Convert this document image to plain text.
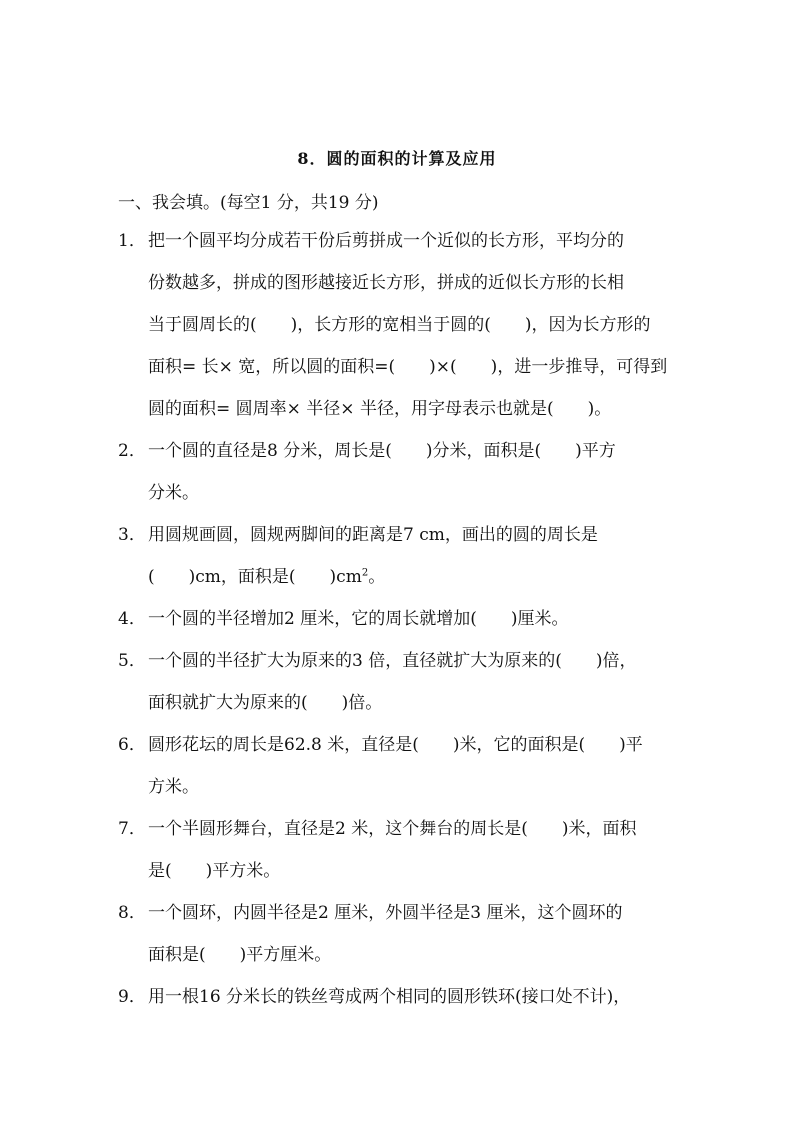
8．圆的面积的计算及应用
一、我会填。(每空1 分，共19 分)
1． 把一个圆平均分成若干份后剪拼成一个近似的长方形，平均分的
份数越多，拼成的图形越接近长方形，拼成的近似长方形的长相
当于圆周长的(　　)，长方形的宽相当于圆的(　　)，因为长方形的
面积= 长× 宽，所以圆的面积=(　　)×(　　)，进一步推导，可得到
圆的面积= 圆周率× 半径× 半径，用字母表示也就是(　　)。
2． 一个圆的直径是8 分米，周长是(　　)分米，面积是(　　)平方
分米。
3． 用圆规画圆，圆规两脚间的距离是7 cm，画出的圆的周长是
(　　)cm，面积是(　　)$cm^2$。
4． 一个圆的半径增加2 厘米，它的周长就增加(　　)厘米。
5． 一个圆的半径扩大为原来的3 倍，直径就扩大为原来的(　　)倍，
面积就扩大为原来的(　　)倍。
6． 圆形花坛的周长是62.8 米，直径是(　　)米，它的面积是(　　)平
方米。
7． 一个半圆形舞台，直径是2 米，这个舞台的周长是(　　)米，面积
是(　　)平方米。
8． 一个圆环，内圆半径是2 厘米，外圆半径是3 厘米，这个圆环的
面积是(　　)平方厘米。
9． 用一根16 分米长的铁丝弯成两个相同的圆形铁环(接口处不计)，
